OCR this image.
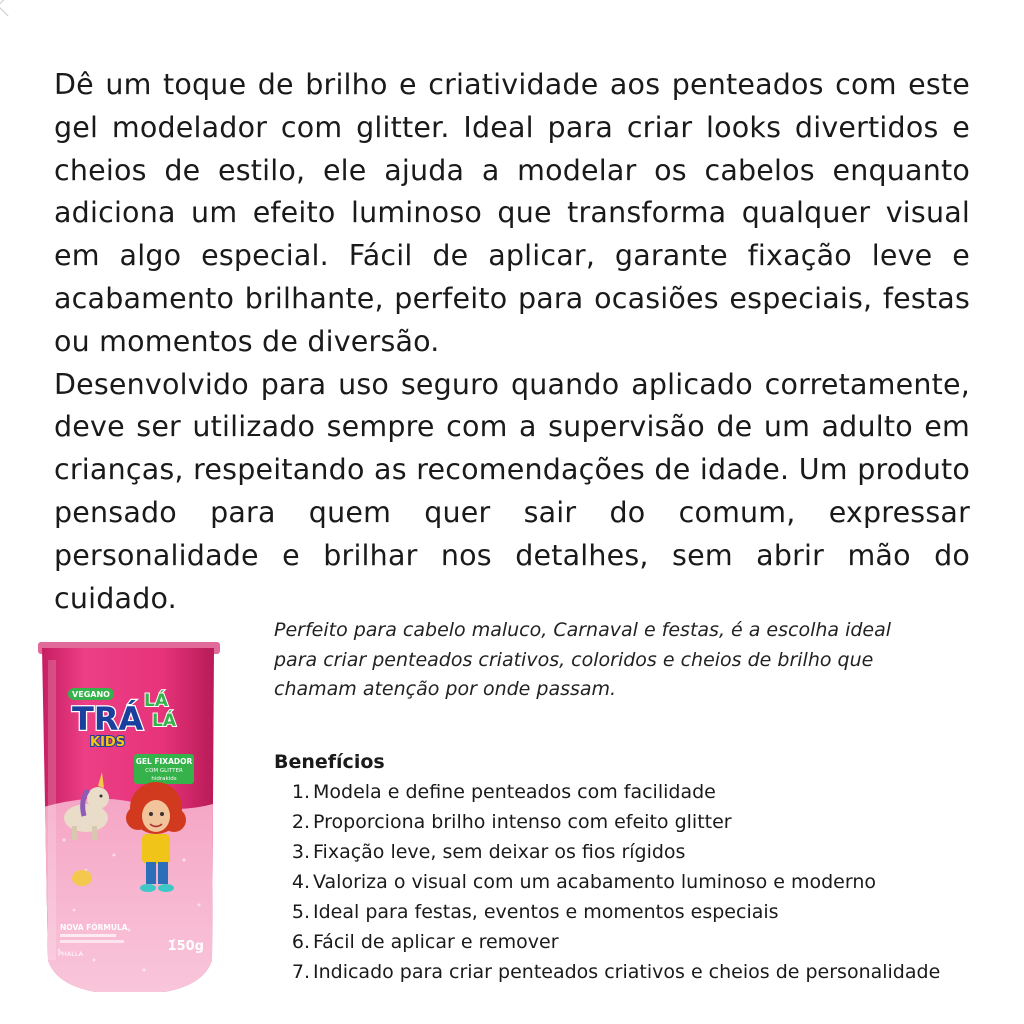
Dê um toque de brilho e criatividade aos penteados com este gel modelador com glitter. Ideal para criar looks divertidos e cheios de estilo, ele ajuda a modelar os cabelos enquanto adiciona um efeito luminoso que transforma qualquer visual em algo especial. Fácil de aplicar, garante fixação leve e acabamento brilhante, perfeito para ocasiões especiais, festas ou momentos de diversão.

Desenvolvido para uso seguro quando aplicado corretamente, deve ser utilizado sempre com a supervisão de um adulto em crianças, respeitando as recomendações de idade. Um produto pensado para quem quer sair do comum, expressar personalidade e brilhar nos detalhes, sem abrir mão do cuidado.

VEGANO
TRÁ LÁ
LÁ
KIDS
GEL FIXADOR
COM GLITTER
hidrakids
NOVA FÓRMULA
PHALLA	150g

Perfeito para cabelo maluco, Carnaval e festas, é a escolha ideal

para criar penteados criativos, coloridos e cheios de brilho que

chamam atenção por onde passam.

Benefícios
1. Modela e define penteados com facilidade
2. Proporciona brilho intenso com efeito glitter
3. Fixação leve, sem deixar os fios rígidos
4. Valoriza o visual com um acabamento luminoso e moderno
5. Ideal para festas, eventos e momentos especiais
6. Fácil de aplicar e remover
7. Indicado para criar penteados criativos e cheios de personalidade
